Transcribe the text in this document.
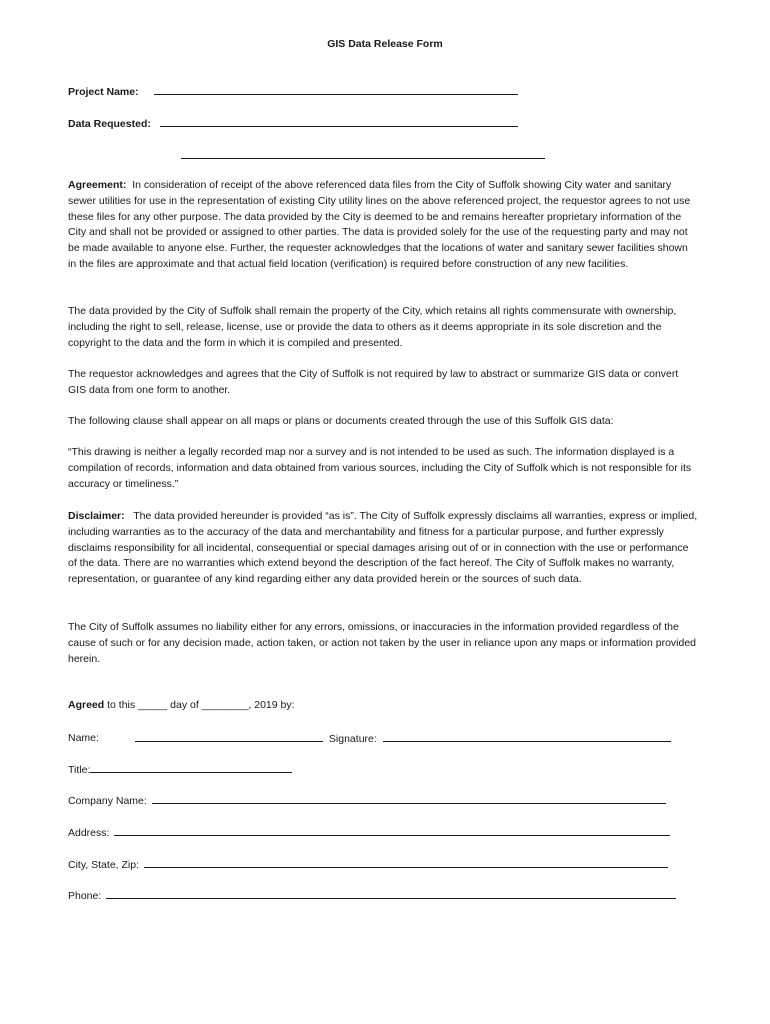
GIS Data Release Form
Project Name:
Data Requested:

Agreement: In consideration of receipt of the above referenced data files from the City of Suffolk showing City water and sanitary sewer utilities for use in the representation of existing City utility lines on the above referenced project, the requestor agrees to not use these files for any other purpose. The data provided by the City is deemed to be and remains hereafter proprietary information of the City and shall not be provided or assigned to other parties. The data is provided solely for the use of the requesting party and may not be made available to anyone else. Further, the requester acknowledges that the locations of water and sanitary sewer facilities shown in the files are approximate and that actual field location (verification) is required before construction of any new facilities.

The data provided by the City of Suffolk shall remain the property of the City, which retains all rights commensurate with ownership, including the right to sell, release, license, use or provide the data to others as it deems appropriate in its sole discretion and the copyright to the data and the form in which it is compiled and presented.

The requestor acknowledges and agrees that the City of Suffolk is not required by law to abstract or summarize GIS data or convert GIS data from one form to another.

The following clause shall appear on all maps or plans or documents created through the use of this Suffolk GIS data:

“This drawing is neither a legally recorded map nor a survey and is not intended to be used as such. The information displayed is a compilation of records, information and data obtained from various sources, including the City of Suffolk which is not responsible for its accuracy or timeliness.”

Disclaimer: The data provided hereunder is provided “as is”. The City of Suffolk expressly disclaims all warranties, express or implied, including warranties as to the accuracy of the data and merchantability and fitness for a particular purpose, and further expressly disclaims responsibility for all incidental, consequential or special damages arising out of or in connection with the use or performance of the data. There are no warranties which extend beyond the description of the fact hereof. The City of Suffolk makes no warranty, representation, or guarantee of any kind regarding either any data provided herein or the sources of such data.

The City of Suffolk assumes no liability either for any errors, omissions, or inaccuracies in the information provided regardless of the cause of such or for any decision made, action taken, or action not taken by the user in reliance upon any maps or information provided herein.

Agreed to this _____ day of ________, 2019 by:
Name:	Signature:
Title:
Company Name:
Address:
City, State, Zip:
Phone:
